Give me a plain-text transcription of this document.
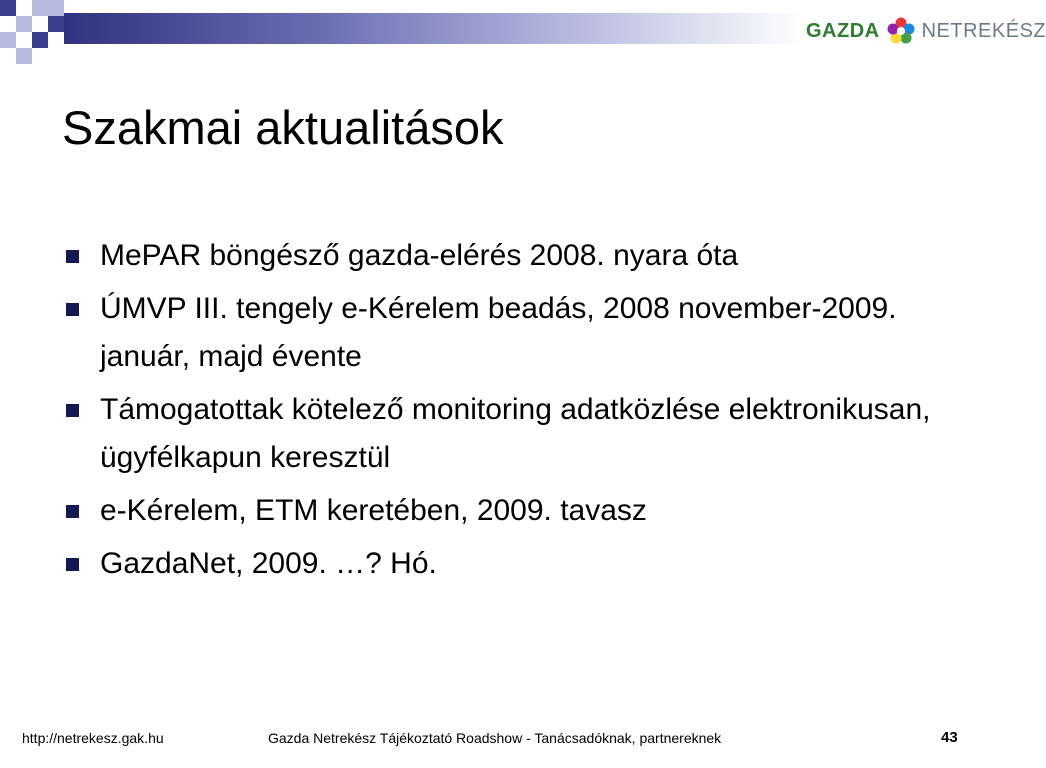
GAZDA NETREKÉSZ
Szakmai aktualitások
MePAR böngésző gazda-elérés 2008. nyara óta
ÚMVP III. tengely e-Kérelem beadás, 2008 november-2009. január, majd évente
Támogatottak kötelező monitoring adatközlése elektronikusan, ügyfélkapun keresztül
e-Kérelem, ETM keretében, 2009. tavasz
GazdaNet, 2009. …? Hó.
http://netrekesz.gak.hu	Gazda Netrekész Tájékoztató Roadshow - Tanácsadóknak, partnereknek	43
